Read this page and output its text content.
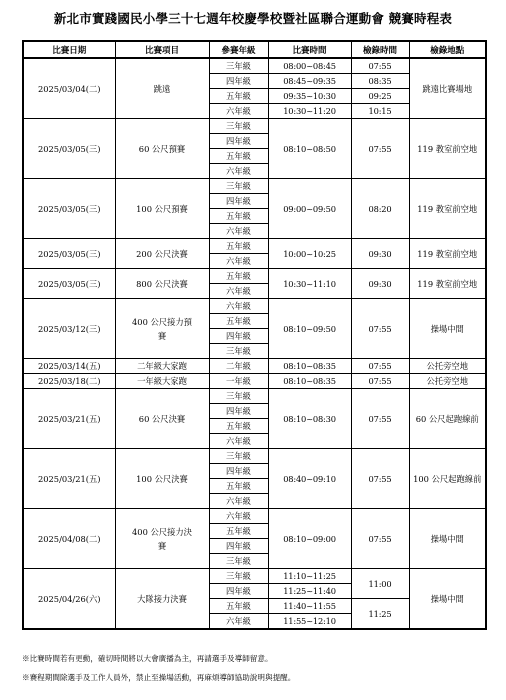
新北市實踐國民小學三十七週年校慶學校暨社區聯合運動會 競賽時程表
比賽日期	比賽項目	參賽年級	比賽時間	檢錄時間	檢錄地點
2025/03/04(二)	跳遠	三年級	08:00~08:45	07:55	跳遠比賽場地
		四年級	08:45~09:35	08:35	
		五年級	09:35~10:30	09:25	
		六年級	10:30~11:20	10:15	
2025/03/05(三)	60 公尺預賽	三年級	08:10~08:50	07:55	119 教室前空地
		四年級			
		五年級			
		六年級			
2025/03/05(三)	100 公尺預賽	三年級	09:00~09:50	08:20	119 教室前空地
		四年級			
		五年級			
		六年級			
2025/03/05(三)	200 公尺決賽	五年級	10:00~10:25	09:30	119 教室前空地
		六年級			
2025/03/05(三)	800 公尺決賽	五年級	10:30~11:10	09:30	119 教室前空地
		六年級			
2025/03/12(三)	400 公尺接力預賽	六年級	08:10~09:50	07:55	操場中間
		五年級			
		四年級			
		三年級			
2025/03/14(五)	二年級大家跑	二年級	08:10~08:35	07:55	公托旁空地
2025/03/18(二)	一年級大家跑	一年級	08:10~08:35	07:55	公托旁空地
2025/03/21(五)	60 公尺決賽	三年級	08:10~08:30	07:55	60 公尺起跑線前
		四年級			
		五年級			
		六年級			
2025/03/21(五)	100 公尺決賽	三年級	08:40~09:10	07:55	100 公尺起跑線前
		四年級			
		五年級			
		六年級			
2025/04/08(二)	400 公尺接力決賽	六年級	08:10~09:00	07:55	操場中間
		五年級			
		四年級			
		三年級			
2025/04/26(六)	大隊接力決賽	三年級	11:10~11:25	11:00	操場中間
		四年級	11:25~11:40		
		五年級	11:40~11:55	11:25	
		六年級	11:55~12:10		
※比賽時間若有更動，確切時間將以大會廣播為主，再請選手及導師留意。
※賽程期間除選手及工作人員外，禁止至操場活動，再麻煩導師協助說明與提醒。
